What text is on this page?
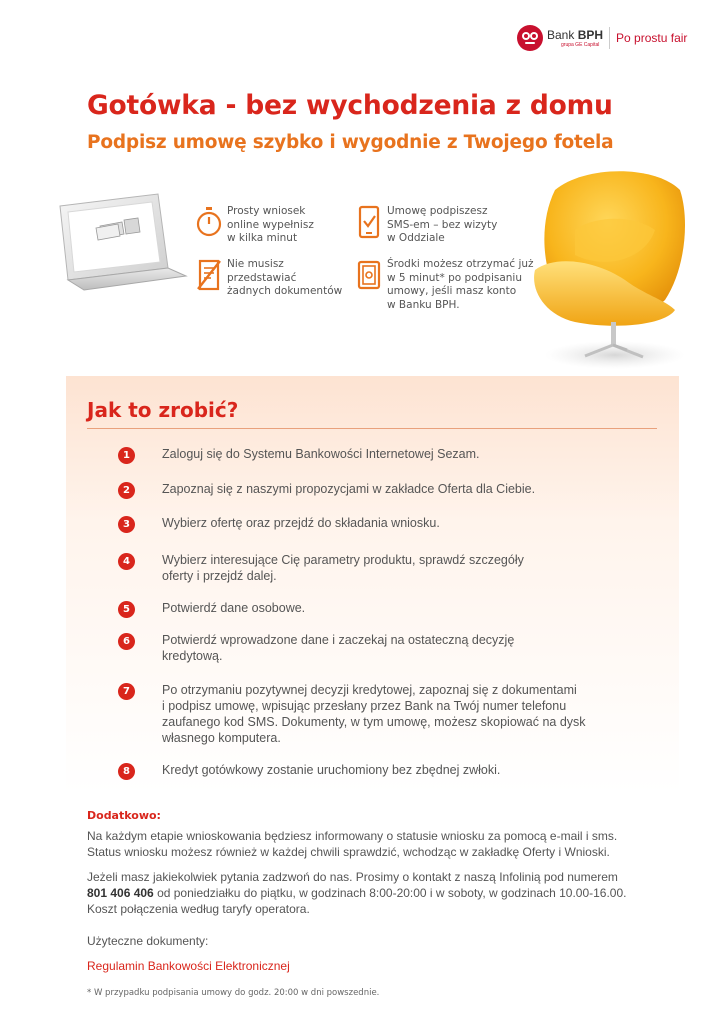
Bank BPH
grupa GE Capital	Po prostu fair
Gotówka - bez wychodzenia z domu
Podpisz umowę szybko i wygodnie z Twojego fotela
Prosty wniosek
online wypełnisz
w kilka minut
Umowę podpiszesz
SMS-em – bez wizyty
w Oddziale
Nie musisz
przedstawiać
żadnych dokumentów
Środki możesz otrzymać już
w 5 minut* po podpisaniu
umowy, jeśli masz konto
w Banku BPH.
Jak to zrobić?
1	Zaloguj się do Systemu Bankowości Internetowej Sezam.
2	Zapoznaj się z naszymi propozycjami w zakładce Oferta dla Ciebie.
3	Wybierz ofertę oraz przejdź do składania wniosku.
4	Wybierz interesujące Cię parametry produktu, sprawdź szczegóły
oferty i przejdź dalej.
5	Potwierdź dane osobowe.
6	Potwierdź wprowadzone dane i zaczekaj na ostateczną decyzję
kredytową.
7	Po otrzymaniu pozytywnej decyzji kredytowej, zapoznaj się z dokumentami
i podpisz umowę, wpisując przesłany przez Bank na Twój numer telefonu
zaufanego kod SMS. Dokumenty, w tym umowę, możesz skopiować na dysk
własnego komputera.
8	Kredyt gotówkowy zostanie uruchomiony bez zbędnej zwłoki.
Dodatkowo:
Na każdym etapie wnioskowania będziesz informowany o statusie wniosku za pomocą e-mail i sms.
Status wniosku możesz również w każdej chwili sprawdzić, wchodząc w zakładkę Oferty i Wnioski.
Jeżeli masz jakiekolwiek pytania zadzwoń do nas. Prosimy o kontakt z naszą Infolinią pod numerem
801 406 406 od poniedziałku do piątku, w godzinach 8:00-20:00 i w soboty, w godzinach 10.00-16.00.
Koszt połączenia według taryfy operatora.
Użyteczne dokumenty:
Regulamin Bankowości Elektronicznej
* W przypadku podpisania umowy do godz. 20:00 w dni powszednie.
